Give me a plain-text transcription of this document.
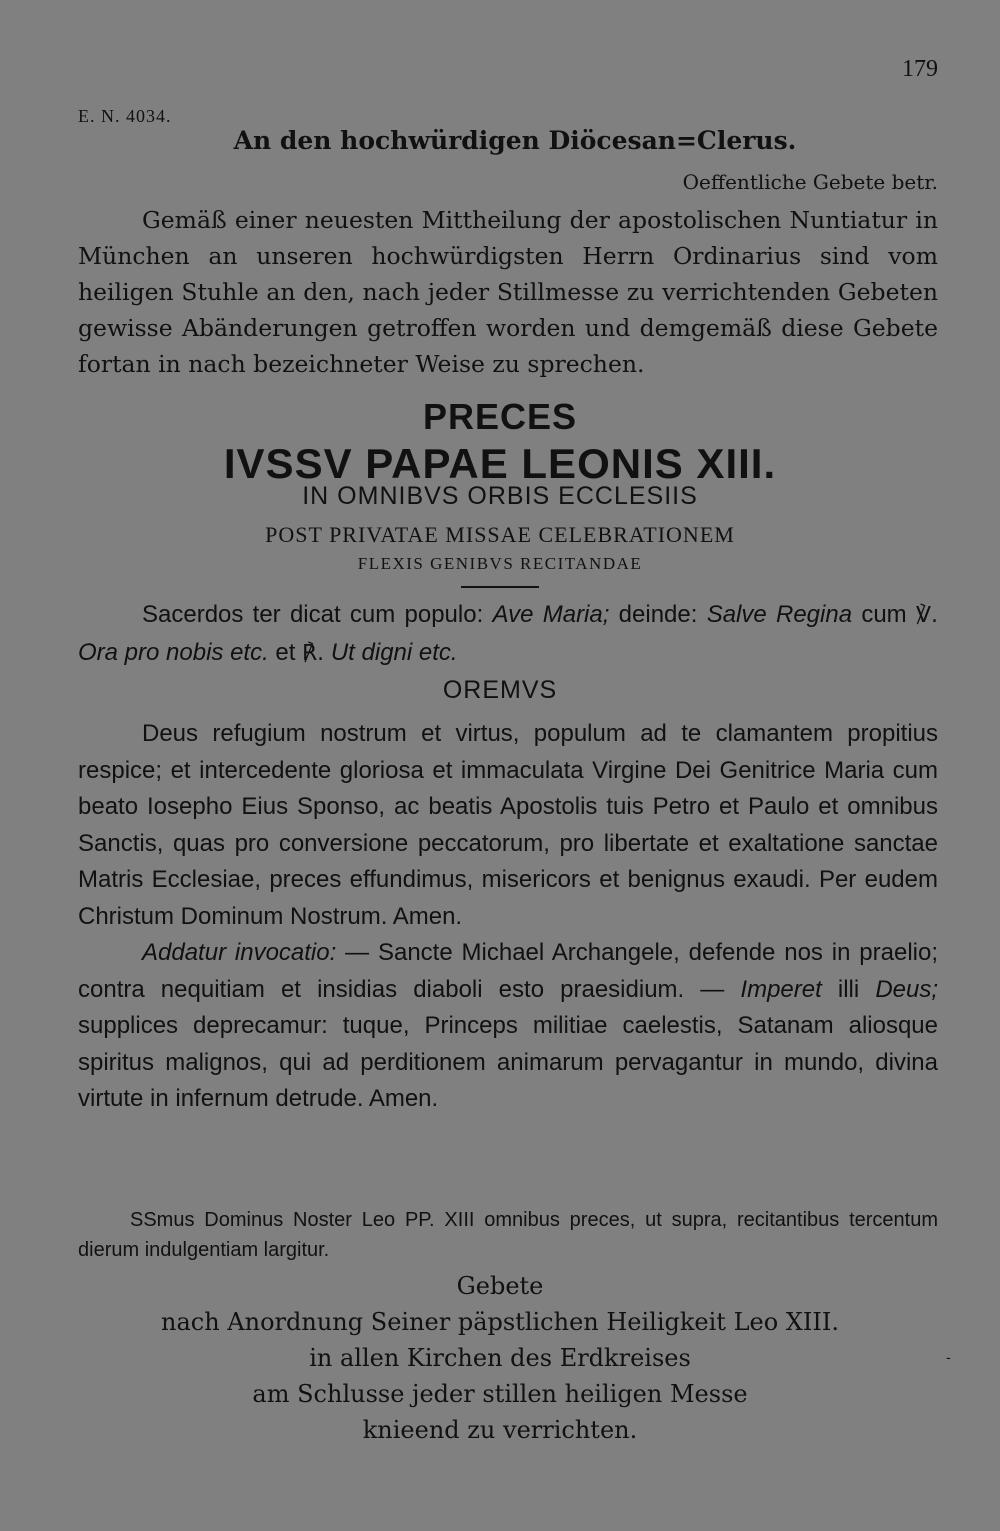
179
E. N. 4034.
An den hochwürdigen Diöcesan=Clerus.
Oeffentliche Gebete betr.

Gemäß einer neuesten Mittheilung der apostolischen Nuntiatur in München an unseren hochwürdigsten Herrn Ordinarius sind vom heiligen Stuhle an den, nach jeder Stillmesse zu verrichtenden Gebeten gewisse Abänderungen getroffen worden und demgemäß diese Gebete fortan in nach bezeichneter Weise zu sprechen.

PRECES
IVSSV PAPAE LEONIS XIII.
IN OMNIBVS ORBIS ECCLESIIS
POST PRIVATAE MISSAE CELEBRATIONEM
FLEXIS GENIBVS RECITANDAE

Sacerdos ter dicat cum populo: Ave Maria; deinde: Salve Regina cum ℣. Ora pro nobis etc. et ℟. Ut digni etc.

OREMVS

Deus refugium nostrum et virtus, populum ad te clamantem propitius respice; et intercedente gloriosa et immaculata Virgine Dei Genitrice Maria cum beato Iosepho Eius Sponso, ac beatis Apostolis tuis Petro et Paulo et omnibus Sanctis, quas pro conversione peccatorum, pro libertate et exaltatione sanctae Matris Ecclesiae, preces effundimus, misericors et benignus exaudi. Per eudem Christum Dominum Nostrum. Amen.

Addatur invocatio: — Sancte Michael Archangele, defende nos in praelio; contra nequitiam et insidias diaboli esto praesidium. — Imperet illi Deus; supplices deprecamur: tuque, Princeps militiae caelestis, Satanam aliosque spiritus malignos, qui ad perditionem animarum pervagantur in mundo, divina virtute in infernum detrude. Amen.

SSmus Dominus Noster Leo PP. XIII omnibus preces, ut supra, recitantibus tercentum dierum indulgentiam largitur.

Gebete
nach Anordnung Seiner päpstlichen Heiligkeit Leo XIII.
in allen Kirchen des Erdkreises
am Schlusse jeder stillen heiligen Messe
knieend zu verrichten.
-
